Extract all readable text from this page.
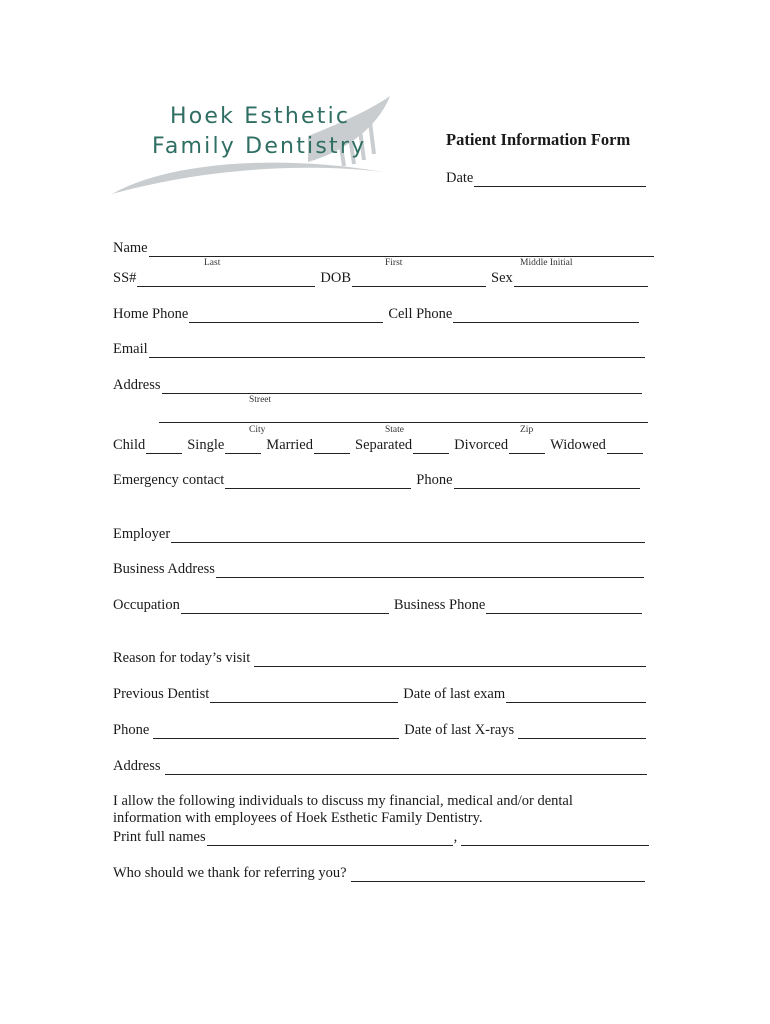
Hoek Esthetic
Family Dentistry	Patient Information Form
Date
Name
Last	First	Middle Initial
SS#	DOB	Sex
Home Phone	Cell Phone
Email
Address
Street
City	State	Zip
Child	Single	Married	Separated	Divorced	Widowed
Emergency contact	Phone
Employer
Business Address
Occupation	Business Phone
Reason for today’s visit
Previous Dentist	Date of last exam
Phone	Date of last X-rays
Address
I allow the following individuals to discuss my financial, medical and/or dental information with employees of Hoek Esthetic Family Dentistry.
Print full names	,
Who should we thank for referring you?
